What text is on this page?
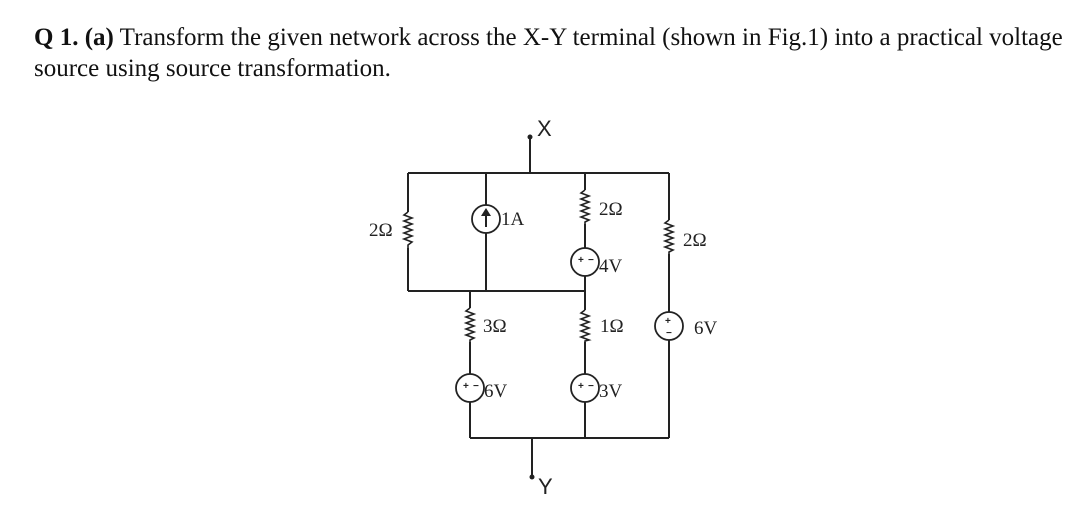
Q 1. (a) Transform the given network across the X-Y terminal (shown in Fig.1) into a practical voltage source using source transformation.
X
Y
2Ω
1A	2Ω
+ − 4V
2Ω
3Ω
+ − 6V
1Ω
+ − 3V
+
− 6V
